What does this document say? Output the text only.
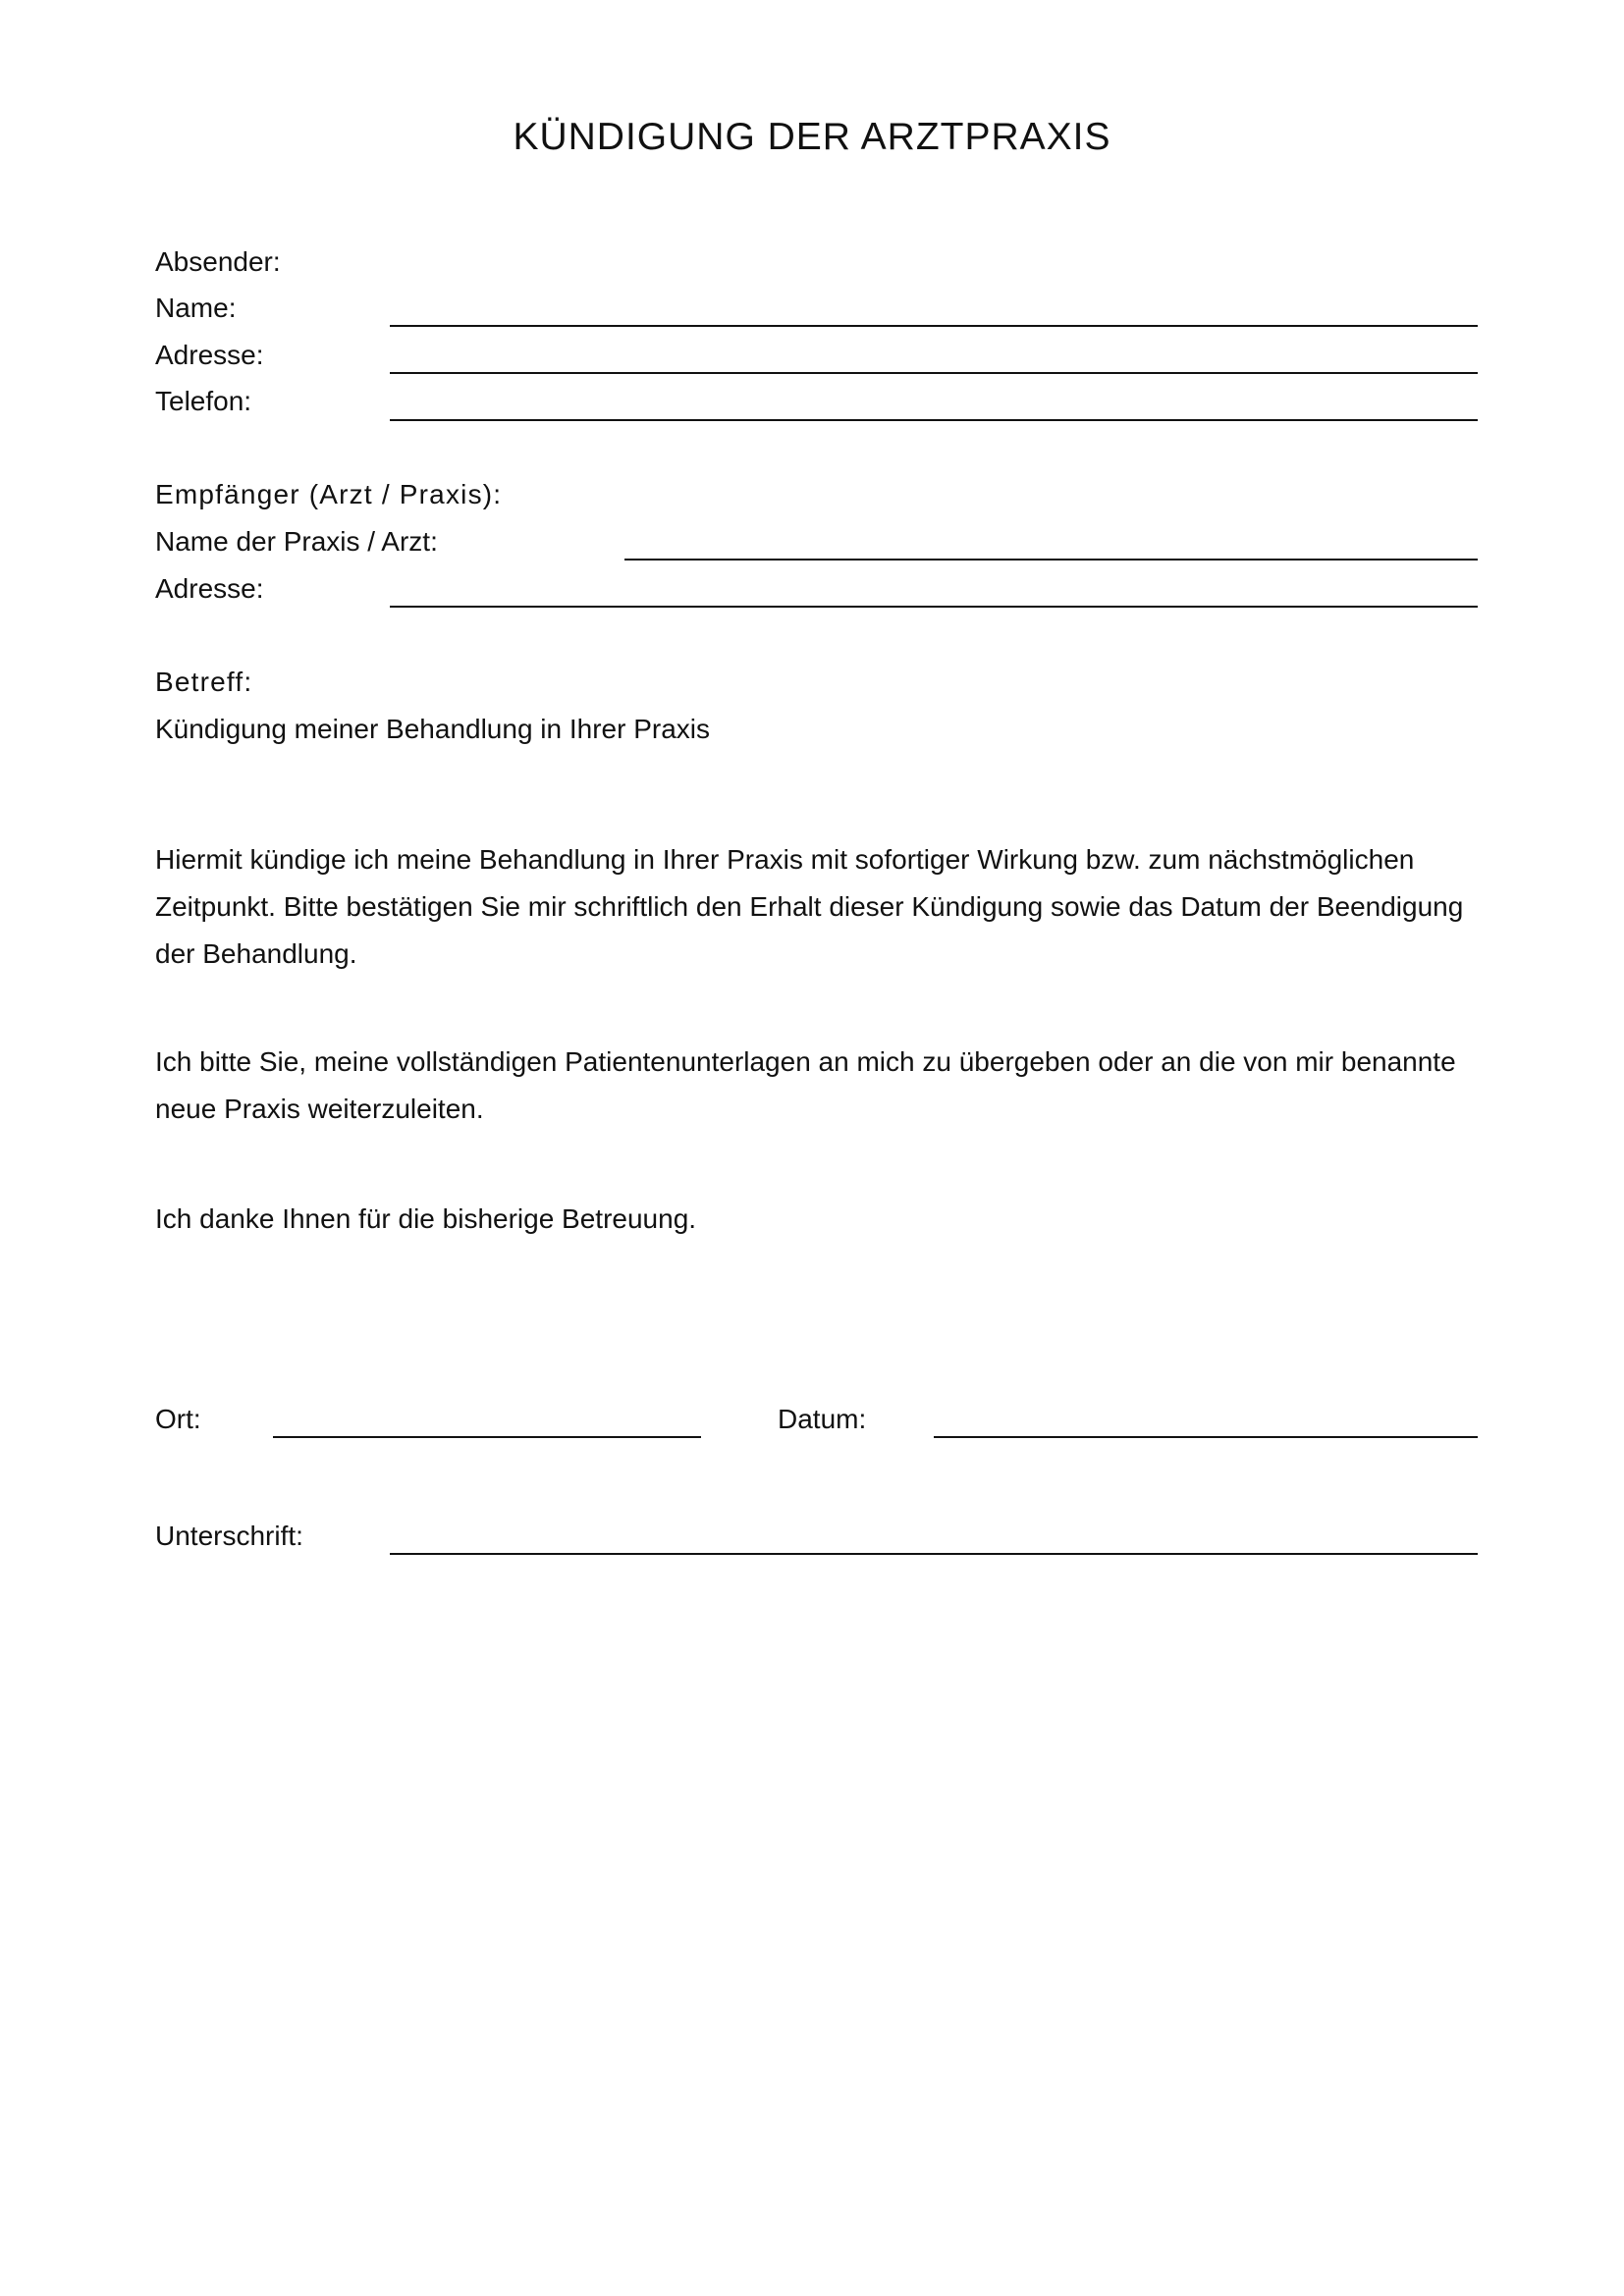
KÜNDIGUNG DER ARZTPRAXIS
Absender:
Name:
Adresse:
Telefon:
Empfänger (Arzt / Praxis):
Name der Praxis / Arzt:
Adresse:
Betreff:
Kündigung meiner Behandlung in Ihrer Praxis
Hiermit kündige ich meine Behandlung in Ihrer Praxis mit sofortiger Wirkung bzw. zum nächstmöglichen Zeitpunkt. Bitte bestätigen Sie mir schriftlich den Erhalt dieser Kündigung sowie das Datum der Beendigung der Behandlung.
Ich bitte Sie, meine vollständigen Patientenunterlagen an mich zu übergeben oder an die von mir benannte neue Praxis weiterzuleiten.
Ich danke Ihnen für die bisherige Betreuung.
Ort:	Datum:
Unterschrift:
